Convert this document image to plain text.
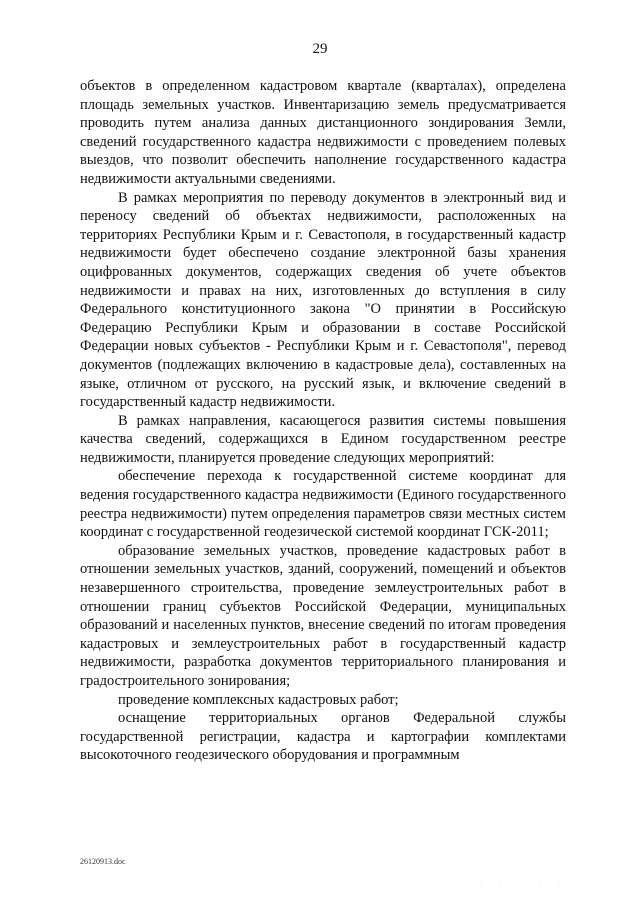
29

объектов в определенном кадастровом квартале (кварталах), определена площадь земельных участков. Инвентаризацию земель предусматривается проводить путем анализа данных дистанционного зондирования Земли, сведений государственного кадастра недвижимости с проведением полевых выездов, что позволит обеспечить наполнение государственного кадастра недвижимости актуальными сведениями.

В рамках мероприятия по переводу документов в электронный вид и переносу сведений об объектах недвижимости, расположенных на территориях Республики Крым и г. Севастополя, в государственный кадастр недвижимости будет обеспечено создание электронной базы хранения оцифрованных документов, содержащих сведения об учете объектов недвижимости и правах на них, изготовленных до вступления в силу Федерального конституционного закона "О принятии в Российскую Федерацию Республики Крым и образовании в составе Российской Федерации новых субъектов - Республики Крым и г. Севастополя", перевод документов (подлежащих включению в кадастровые дела), составленных на языке, отличном от русского, на русский язык, и включение сведений в государственный кадастр недвижимости.

В рамках направления, касающегося развития системы повышения качества сведений, содержащихся в Едином государственном реестре недвижимости, планируется проведение следующих мероприятий:

обеспечение перехода к государственной системе координат для ведения государственного кадастра недвижимости (Единого государственного реестра недвижимости) путем определения параметров связи местных систем координат с государственной геодезической системой координат ГСК-2011;

образование земельных участков, проведение кадастровых работ в отношении земельных участков, зданий, сооружений, помещений и объектов незавершенного строительства, проведение землеустроительных работ в отношении границ субъектов Российской Федерации, муниципальных образований и населенных пунктов, внесение сведений по итогам проведения кадастровых и землеустроительных работ в государственный кадастр недвижимости, разработка документов территориального планирования и градостроительного зонирования;

проведение комплексных кадастровых работ;

оснащение территориальных органов Федеральной службы государственной регистрации, кадастра и картографии комплектами высокоточного геодезического оборудования и программным

26120913.doc
· · · · · · · ·
